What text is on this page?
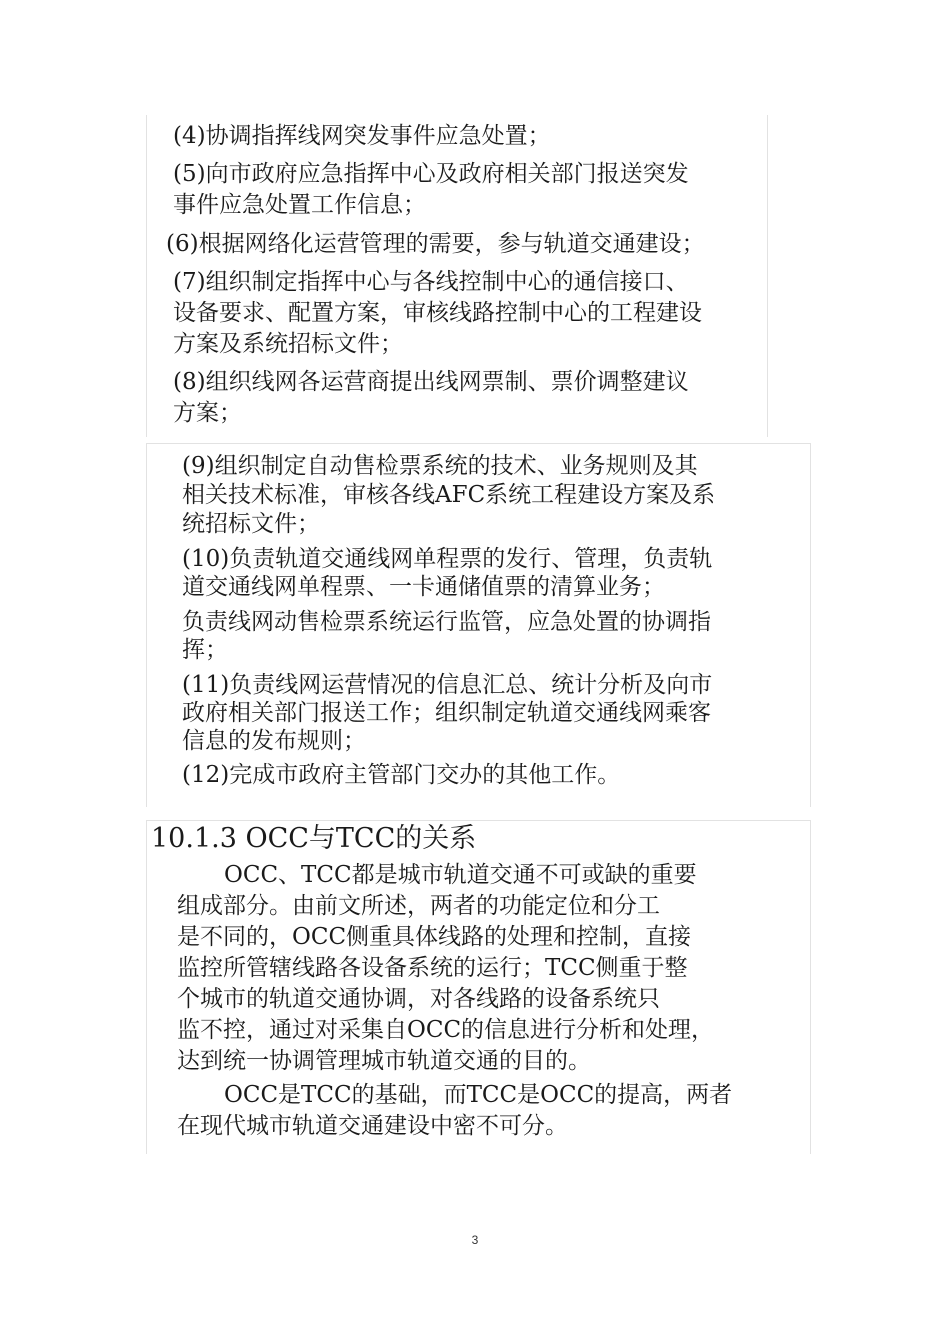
(4)协调指挥线网突发事件应急处置；
(5)向市政府应急指挥中心及政府相关部门报送突发
事件应急处置工作信息；
(6)根据网络化运营管理的需要，参与轨道交通建设；
(7)组织制定指挥中心与各线控制中心的通信接口、
设备要求、配置方案，审核线路控制中心的工程建设
方案及系统招标文件；
(8)组织线网各运营商提出线网票制、票价调整建议
方案；
(9)组织制定自动售检票系统的技术、业务规则及其
相关技术标准，审核各线AFC系统工程建设方案及系
统招标文件；
(10)负责轨道交通线网单程票的发行、管理，负责轨
道交通线网单程票、一卡通储值票的清算业务；
负责线网动售检票系统运行监管，应急处置的协调指
挥；
(11)负责线网运营情况的信息汇总、统计分析及向市
政府相关部门报送工作；组织制定轨道交通线网乘客
信息的发布规则；
(12)完成市政府主管部门交办的其他工作。
10.1.3 OCC与TCC的关系
OCC、TCC都是城市轨道交通不可或缺的重要
组成部分。由前文所述，两者的功能定位和分工
是不同的，OCC侧重具体线路的处理和控制，直接
监控所管辖线路各设备系统的运行；TCC侧重于整
个城市的轨道交通协调，对各线路的设备系统只
监不控，通过对采集自OCC的信息进行分析和处理，
达到统一协调管理城市轨道交通的目的。
OCC是TCC的基础，而TCC是OCC的提高，两者
在现代城市轨道交通建设中密不可分。
3
